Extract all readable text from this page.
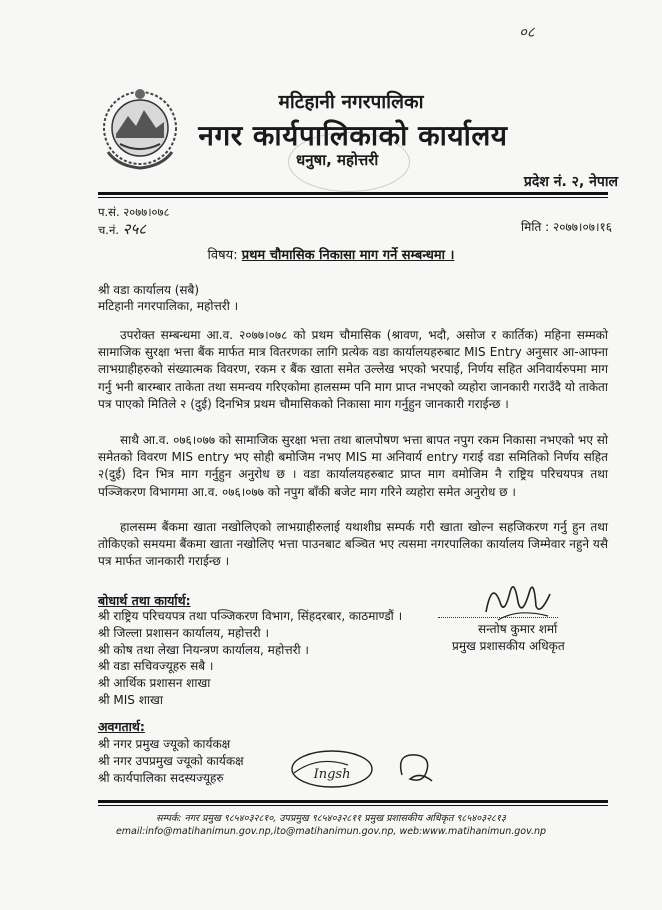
०८
मटिहानी नगरपालिका
नगर कार्यपालिकाको कार्यालय
धनुषा, महोत्तरी
प्रदेश नं. २, नेपाल
प.सं. २०७७।०७८
च.नं. २५८	मिति : २०७७।०७।१६
विषय: प्रथम चौमासिक निकासा माग गर्ने सम्बन्धमा ।
श्री वडा कार्यालय (सबै)
मटिहानी नगरपालिका, महोत्तरी ।

उपरोक्त सम्बन्धमा आ.व. २०७७।०७८ को प्रथम चौमासिक (श्रावण, भदौ, असोज र कार्तिक) महिना सम्मको सामाजिक सुरक्षा भत्ता बैंक मार्फत मात्र वितरणका लागि प्रत्येक वडा कार्यालयहरुबाट MIS Entry अनुसार आ-आफ्ना लाभग्राहीहरुको संख्यात्मक विवरण, रकम र बैंक खाता समेत उल्लेख भएको भरपाई, निर्णय सहित अनिवार्यरुपमा माग गर्नु भनी बारम्बार ताकेता तथा समन्वय गरिएकोमा हालसम्म पनि माग प्राप्त नभएको व्यहोरा जानकारी गराउँदै यो ताकेता पत्र पाएको मितिले २ (दुई) दिनभित्र प्रथम चौमासिकको निकासा माग गर्नुहुन जानकारी गराईन्छ ।

साथै आ.व. ०७६।०७७ को सामाजिक सुरक्षा भत्ता तथा बालपोषण भत्ता बापत नपुग रकम निकासा नभएको भए सो समेतको विवरण MIS entry भए सोही बमोजिम नभए MIS मा अनिवार्य entry गराई वडा समितिको निर्णय सहित २(दुई) दिन भित्र माग गर्नुहुन अनुरोध छ । वडा कार्यालयहरुबाट प्राप्त माग वमोजिम नै राष्ट्रिय परिचयपत्र तथा पञ्जिकरण विभागमा आ.व. ०७६।०७७ को नपुग बाँकी बजेट माग गरिने व्यहोरा समेत अनुरोध छ ।

हालसम्म बैंकमा खाता नखोलिएको लाभग्राहीरुलाई यथाशीघ्र सम्पर्क गरी खाता खोल्न सहजिकरण गर्नु हुन तथा तोकिएको समयमा बैंकमा खाता नखोलिए भत्ता पाउनबाट बञ्चित भए त्यसमा नगरपालिका कार्यालय जिम्मेवार नहुने यसै पत्र मार्फत जानकारी गराईन्छ ।

सन्तोष कुमार शर्मा
प्रमुख प्रशासकीय अधिकृत
बोधार्थ तथा कार्यार्थ:
श्री राष्ट्रिय परिचयपत्र तथा पञ्जिकरण विभाग, सिंहदरबार, काठमाण्डौं ।
श्री जिल्ला प्रशासन कार्यालय, महोत्तरी ।
श्री कोष तथा लेखा नियन्त्रण कार्यालय, महोत्तरी ।
श्री वडा सचिवज्यूहरु सबै ।
श्री आर्थिक प्रशासन शाखा
श्री MIS शाखा
अवगतार्थ:
श्री नगर प्रमुख ज्यूको कार्यकक्ष
श्री नगर उपप्रमुख ज्यूको कार्यकक्ष
श्री कार्यपालिका सदस्यज्यूहरु	Ingsh
सम्पर्क: नगर प्रमुख ९८५४०३२८१०, उपप्रमुख ९८५४०३२८११ प्रमुख प्रशासकीय अधिकृत ९८५४०३२८१३
email:info@matihanimun.gov.np,ito@matihanimun.gov.np, web:www.matihanimun.gov.np
